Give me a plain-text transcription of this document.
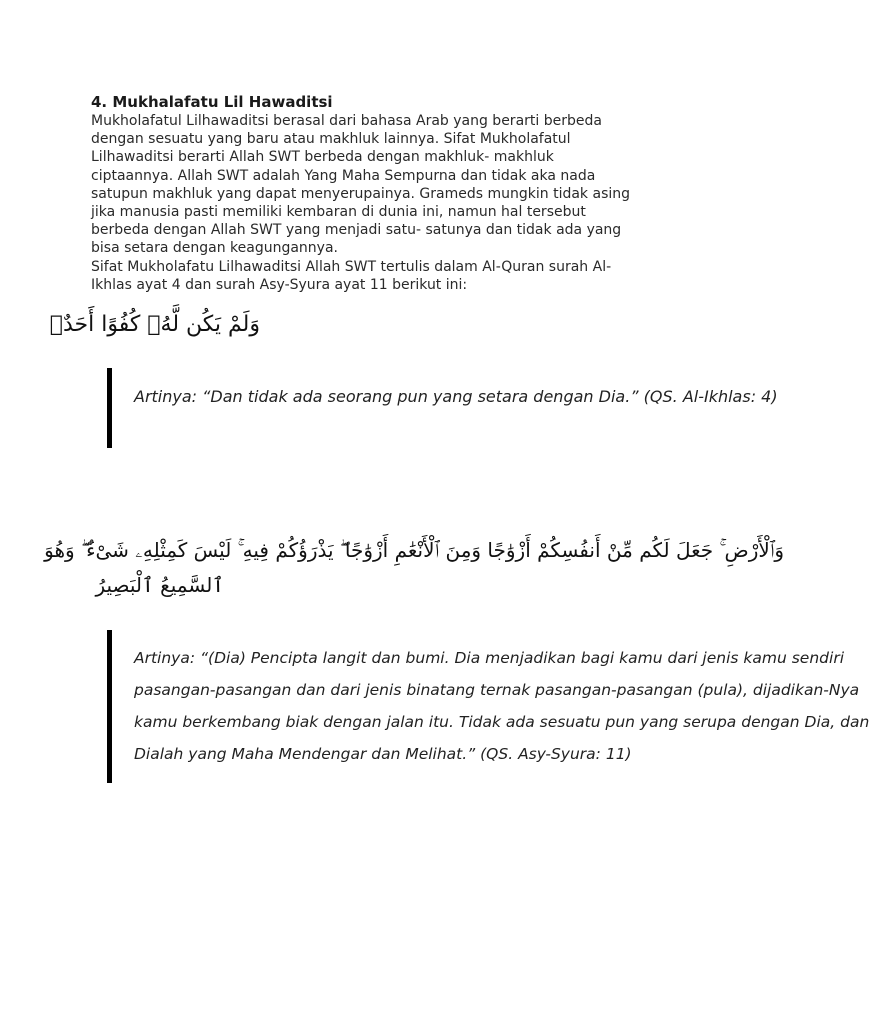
4. Mukhalafatu Lil Hawaditsi

Mukholafatul Lilhawaditsi berasal dari bahasa Arab yang berarti berbeda
dengan sesuatu yang baru atau makhluk lainnya. Sifat Mukholafatul
Lilhawaditsi berarti Allah SWT berbeda dengan makhluk- makhluk
ciptaannya. Allah SWT adalah Yang Maha Sempurna dan tidak aka nada
satupun makhluk yang dapat menyerupainya. Grameds mungkin tidak asing
jika manusia pasti memiliki kembaran di dunia ini, namun hal tersebut
berbeda dengan Allah SWT yang menjadi satu- satunya dan tidak ada yang
bisa setara dengan keagungannya.

Sifat Mukholafatu Lilhawaditsi Allah SWT tertulis dalam Al-Quran surah Al-
Ikhlas ayat 4 dan surah Asy-Syura ayat 11 berikut ini:

وَلَمْ يَكُن لَّهُۥ كُفُوًا أَحَدٌۢ
Artinya: “Dan tidak ada seorang pun yang setara dengan Dia.” (QS. Al-Ikhlas: 4)
وَٱلْأَرْضِ ۚ جَعَلَ لَكُم مِّنْ أَنفُسِكُمْ أَزْوَٰجًا وَمِنَ ٱلْأَنْعَٰمِ أَزْوَٰجًا ۖ يَذْرَؤُكُمْ فِيهِ ۚ لَيْسَ كَمِثْلِهِۦ شَىْءٌ ۖ وَهُوَ
ٱلسَّمِيعُ ٱلْبَصِيرُ
Artinya: “(Dia) Pencipta langit dan bumi. Dia menjadikan bagi kamu dari jenis kamu sendiri
pasangan-pasangan dan dari jenis binatang ternak pasangan-pasangan (pula), dijadikan-Nya
kamu berkembang biak dengan jalan itu. Tidak ada sesuatu pun yang serupa dengan Dia, dan
Dialah yang Maha Mendengar dan Melihat.” (QS. Asy-Syura: 11)
